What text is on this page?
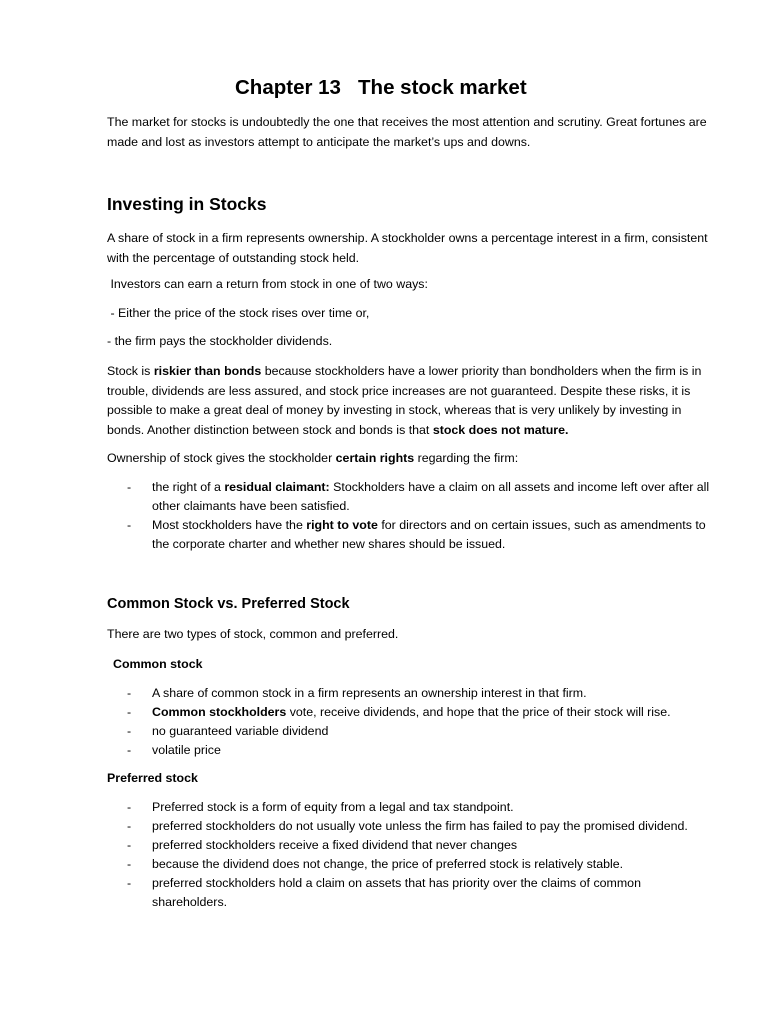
Chapter 13   The stock market

The market for stocks is undoubtedly the one that receives the most attention and scrutiny. Great fortunes are made and lost as investors attempt to anticipate the market’s ups and downs.

Investing in Stocks

A share of stock in a firm represents ownership. A stockholder owns a percentage interest in a firm, consistent with the percentage of outstanding stock held.

Investors can earn a return from stock in one of two ways:

- Either the price of the stock rises over time or,

- the firm pays the stockholder dividends.

Stock is riskier than bonds because stockholders have a lower priority than bondholders when the firm is in trouble, dividends are less assured, and stock price increases are not guaranteed. Despite these risks, it is possible to make a great deal of money by investing in stock, whereas that is very unlikely by investing in bonds. Another distinction between stock and bonds is that stock does not mature.

Ownership of stock gives the stockholder certain rights regarding the firm:

- the right of a residual claimant: Stockholders have a claim on all assets and income left over after all other claimants have been satisfied.
- Most stockholders have the right to vote for directors and on certain issues, such as amendments to the corporate charter and whether new shares should be issued.
Common Stock vs. Preferred Stock

There are two types of stock, common and preferred.

Common stock

- A share of common stock in a firm represents an ownership interest in that firm.
- Common stockholders vote, receive dividends, and hope that the price of their stock will rise.
- no guaranteed variable dividend
- volatile price

Preferred stock

- Preferred stock is a form of equity from a legal and tax standpoint.
- preferred stockholders do not usually vote unless the firm has failed to pay the promised dividend.
- preferred stockholders receive a fixed dividend that never changes
- because the dividend does not change, the price of preferred stock is relatively stable.
- preferred stockholders hold a claim on assets that has priority over the claims of common shareholders.
